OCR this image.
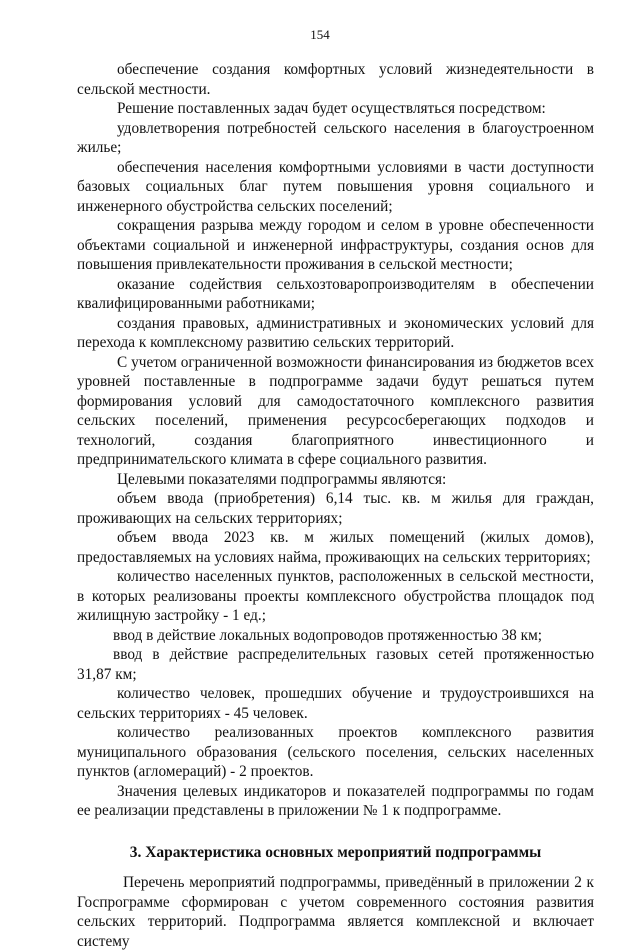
154

обеспечение создания комфортных условий жизнедеятельности в сельской местности.

Решение поставленных задач будет осуществляться посредством:

удовлетворения потребностей сельского населения в благоустроенном жилье;

обеспечения населения комфортными условиями в части доступности базовых социальных благ путем повышения уровня социального и инженерного обустройства сельских поселений;

сокращения разрыва между городом и селом в уровне обеспеченности объектами социальной и инженерной инфраструктуры, создания основ для повышения привлекательности проживания в сельской местности;

оказание содействия сельхозтоваропроизводителям в обеспечении квалифицированными работниками;

создания правовых, административных и экономических условий для перехода к комплексному развитию сельских территорий.

С учетом ограниченной возможности финансирования из бюджетов всех уровней поставленные в подпрограмме задачи будут решаться путем формирования условий для самодостаточного комплексного развития сельских поселений, применения ресурсосберегающих подходов и технологий, создания благоприятного инвестиционного и предпринимательского климата в сфере социального развития.

Целевыми показателями подпрограммы являются:

объем ввода (приобретения) 6,14 тыс. кв. м жилья для граждан, проживающих на сельских территориях;

объем ввода 2023 кв. м жилых помещений (жилых домов), предоставляемых на условиях найма, проживающих на сельских территориях;

количество населенных пунктов, расположенных в сельской местности, в которых реализованы проекты комплексного обустройства площадок под жилищную застройку - 1 ед.;

ввод в действие локальных водопроводов протяженностью 38 км;

ввод в действие распределительных газовых сетей протяженностью 31,87 км;

количество человек, прошедших обучение и трудоустроившихся на сельских территориях - 45 человек.

количество реализованных проектов комплексного развития муниципального образования (сельского поселения, сельских населенных пунктов (агломераций) - 2 проектов.

Значения целевых индикаторов и показателей подпрограммы по годам ее реализации представлены в приложении № 1 к подпрограмме.

3. Характеристика основных мероприятий подпрограммы

Перечень мероприятий подпрограммы, приведённый в приложении 2 к Госпрограмме сформирован с учетом современного состояния развития сельских территорий. Подпрограмма является комплексной и включает систему
